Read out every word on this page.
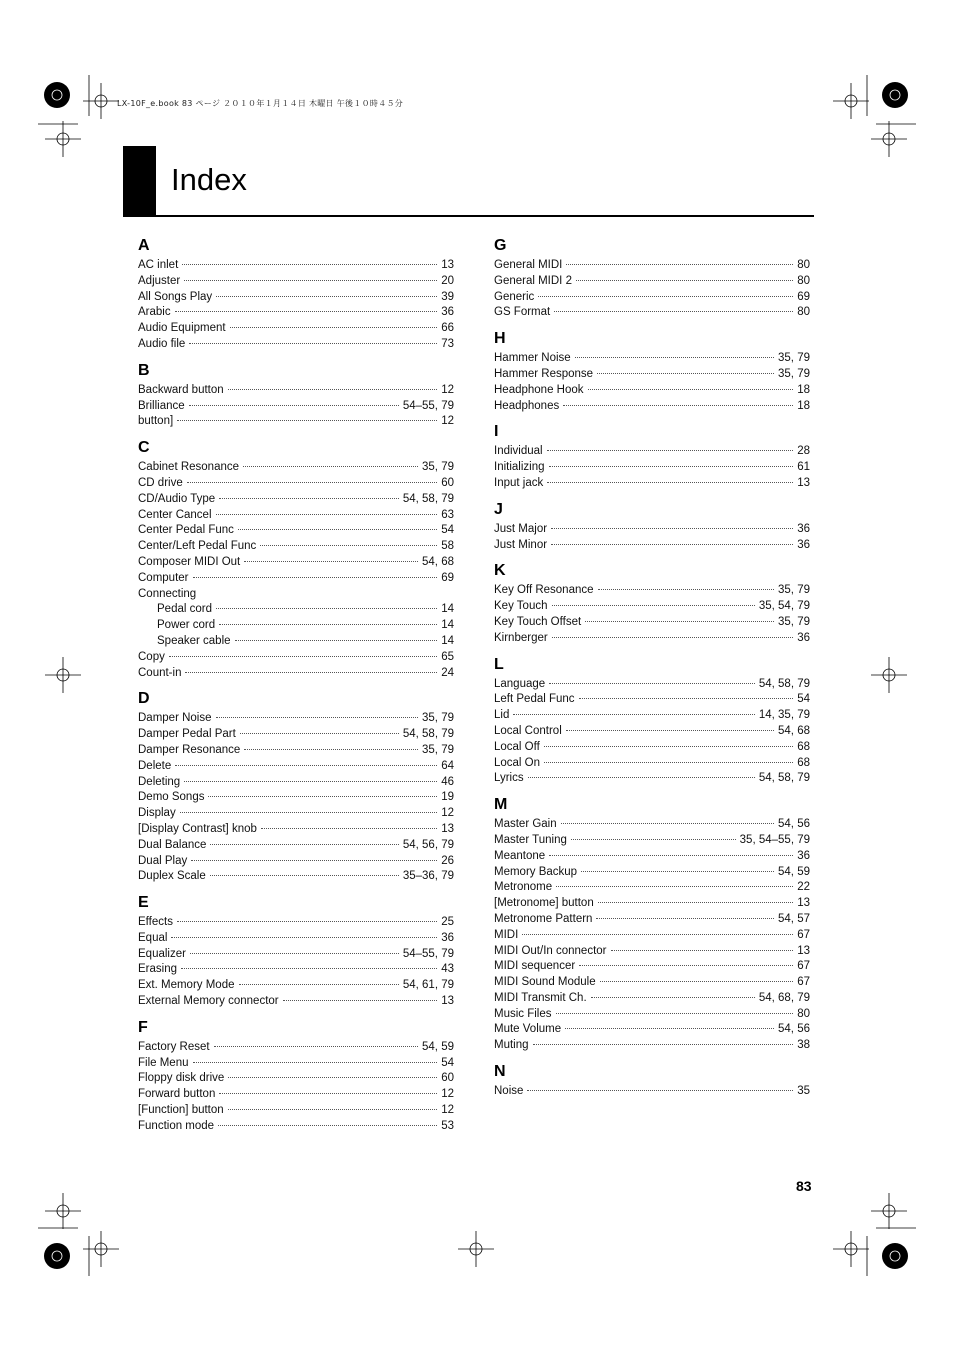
LX-10F_e.book 83 ページ ２０１０年１月１４日 木曜日 午後１０時４５分
Index
A
AC inlet	13
Adjuster	20
All Songs Play	39
Arabic	36
Audio Equipment	66
Audio file	73
B
Backward button	12
Brilliance	54–55, 79
button]	12
C
Cabinet Resonance	35, 79
CD drive	60
CD/Audio Type	54, 58, 79
Center Cancel	63
Center Pedal Func	54
Center/Left Pedal Func	58
Composer MIDI Out	54, 68
Computer	69
Connecting
Pedal cord	14
Power cord	14
Speaker cable	14
Copy	65
Count-in	24
D
Damper Noise	35, 79
Damper Pedal Part	54, 58, 79
Damper Resonance	35, 79
Delete	64
Deleting	46
Demo Songs	19
Display	12
[Display Contrast] knob	13
Dual Balance	54, 56, 79
Dual Play	26
Duplex Scale	35–36, 79
E
Effects	25
Equal	36
Equalizer	54–55, 79
Erasing	43
Ext. Memory Mode	54, 61, 79
External Memory connector	13
F
Factory Reset	54, 59
File Menu	54
Floppy disk drive	60
Forward button	12
[Function] button	12
Function mode	53
G
General MIDI	80
General MIDI 2	80
Generic	69
GS Format	80
H
Hammer Noise	35, 79
Hammer Response	35, 79
Headphone Hook	18
Headphones	18
I
Individual	28
Initializing	61
Input jack	13
J
Just Major	36
Just Minor	36
K
Key Off Resonance	35, 79
Key Touch	35, 54, 79
Key Touch Offset	35, 79
Kirnberger	36
L
Language	54, 58, 79
Left Pedal Func	54
Lid	14, 35, 79
Local Control	54, 68
Local Off	68
Local On	68
Lyrics	54, 58, 79
M
Master Gain	54, 56
Master Tuning	35, 54–55, 79
Meantone	36
Memory Backup	54, 59
Metronome	22
[Metronome] button	13
Metronome Pattern	54, 57
MIDI	67
MIDI Out/In connector	13
MIDI sequencer	67
MIDI Sound Module	67
MIDI Transmit Ch.	54, 68, 79
Music Files	80
Mute Volume	54, 56
Muting	38
N
Noise	35
83
